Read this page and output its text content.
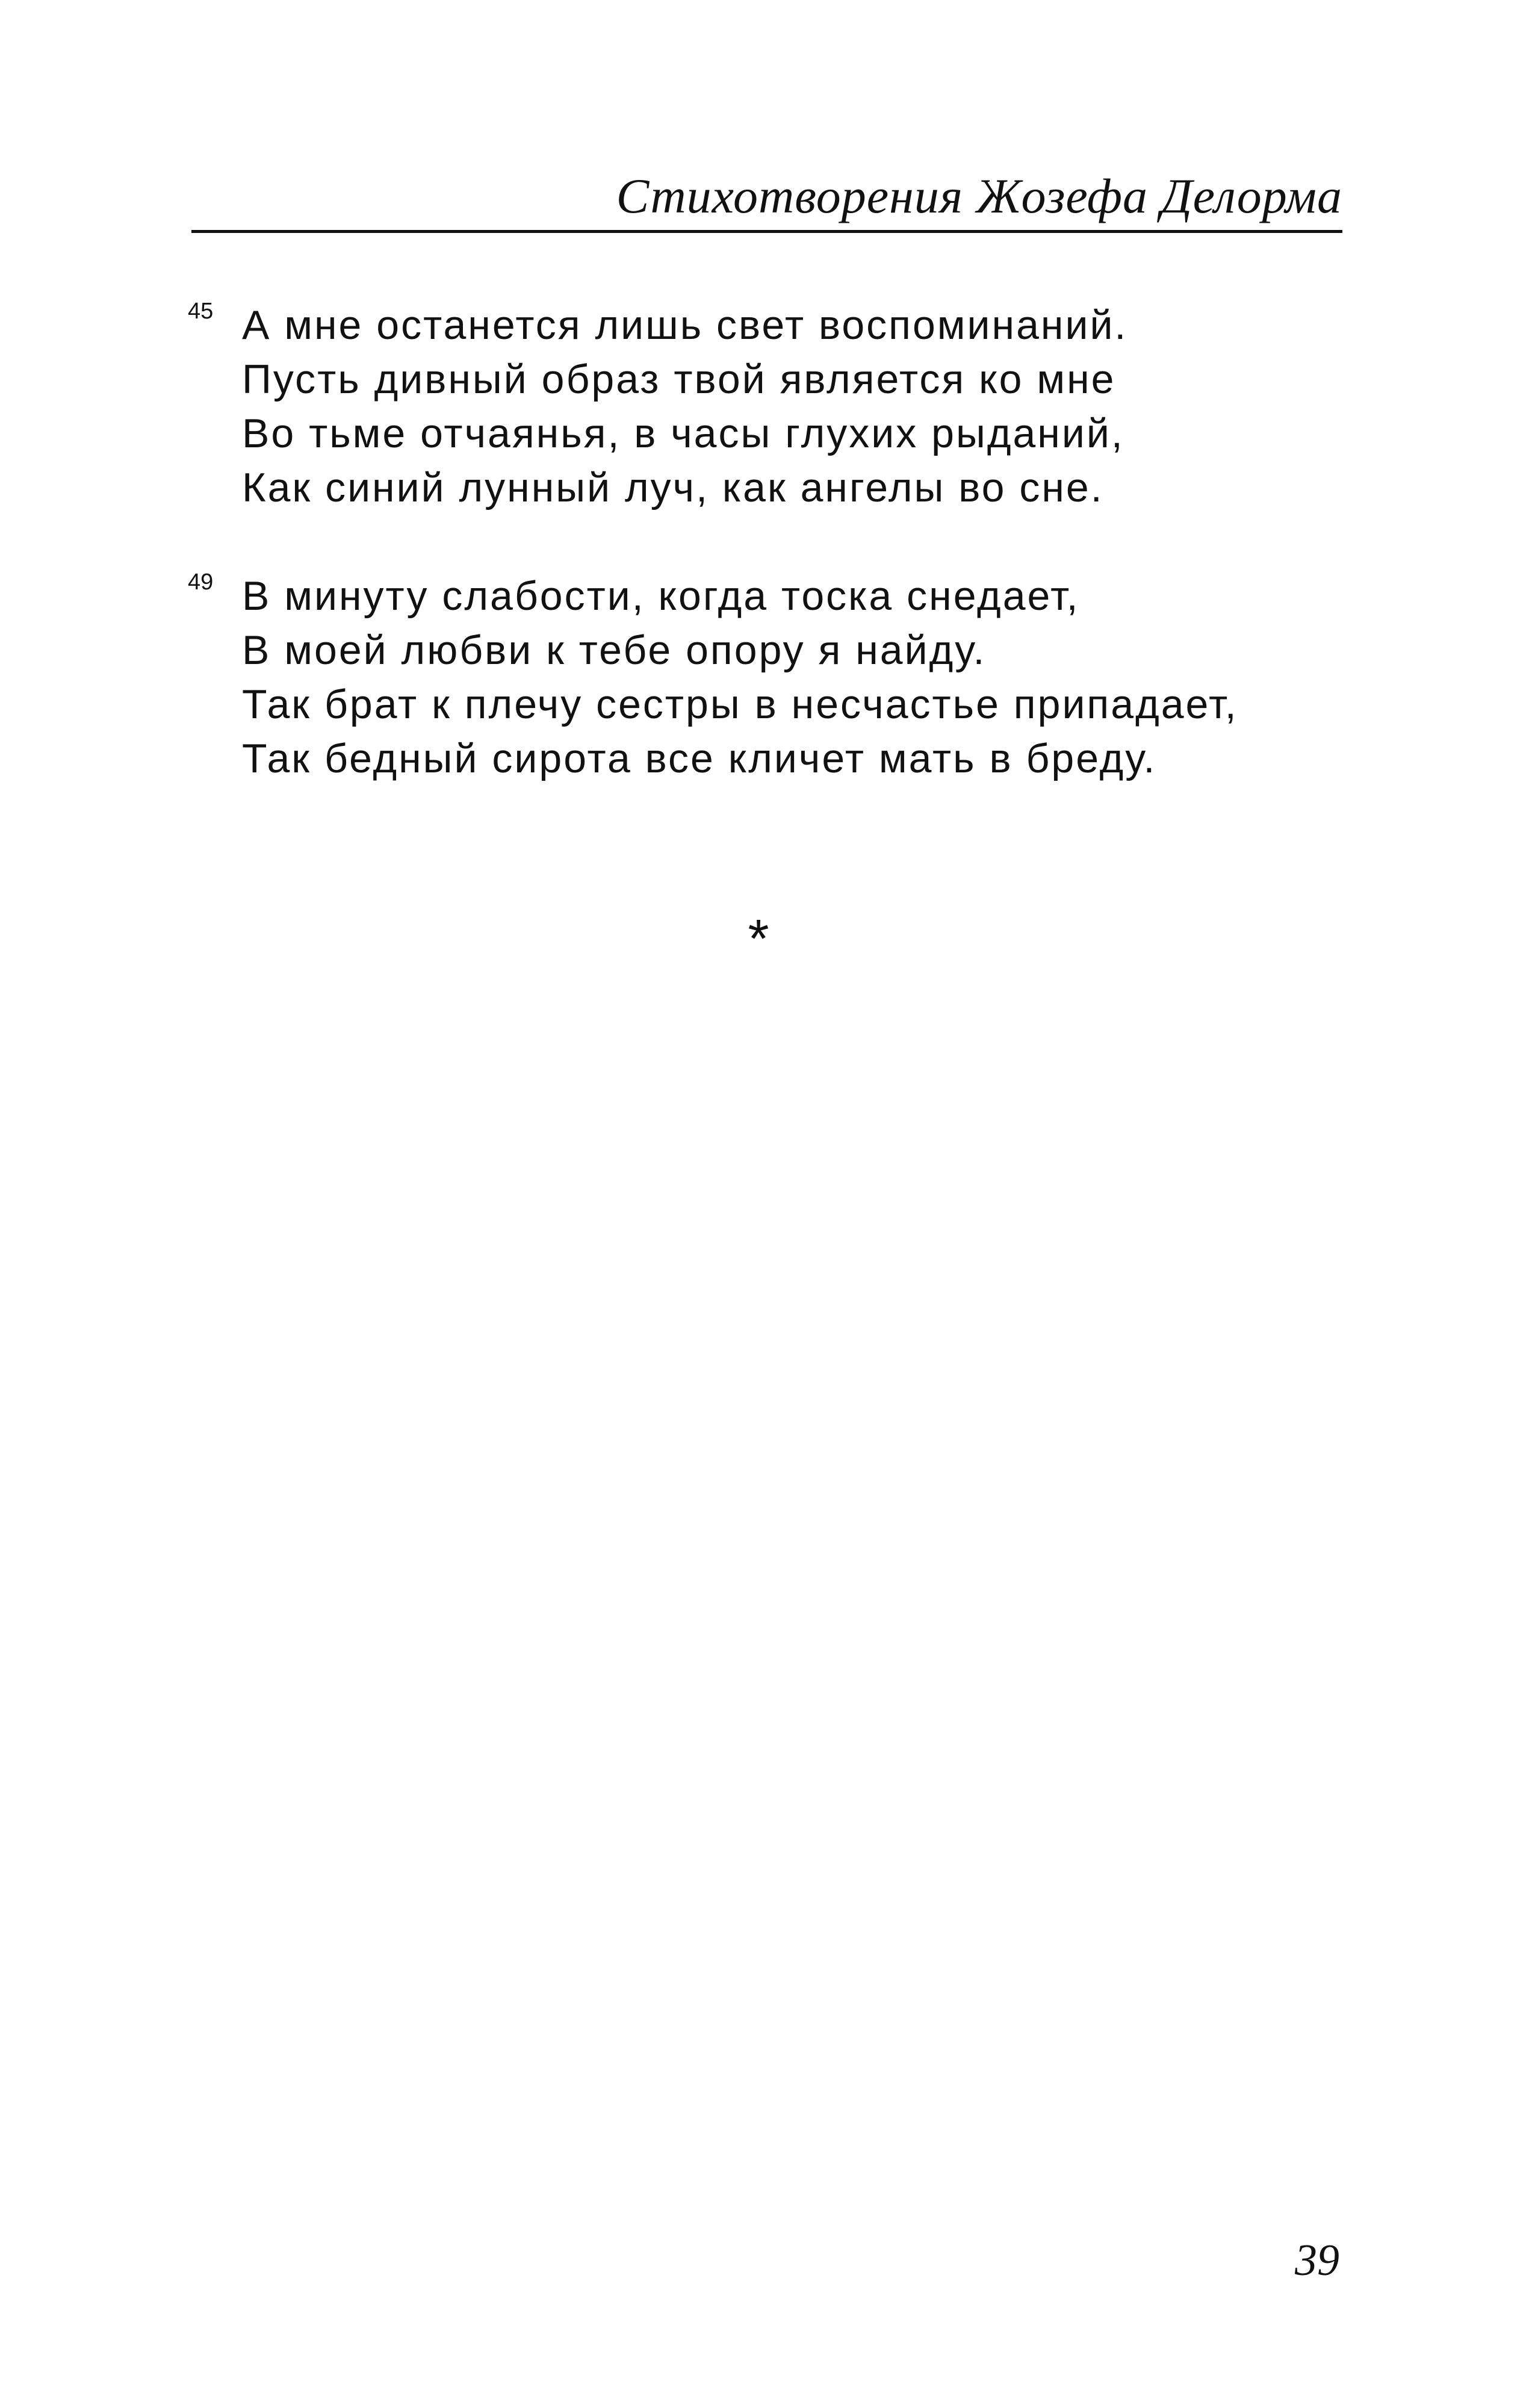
Стихотворения Жозефа Делорма
45 А мне останется лишь свет воспоминаний.
Пусть дивный образ твой является ко мне
Во тьме отчаянья, в часы глухих рыданий,
Как синий лунный луч, как ангелы во сне.
49 В минуту слабости, когда тоска снедает,
В моей любви к тебе опору я найду.
Так брат к плечу сестры в несчастье припадает,
Так бедный сирота все кличет мать в бреду.
*
39
